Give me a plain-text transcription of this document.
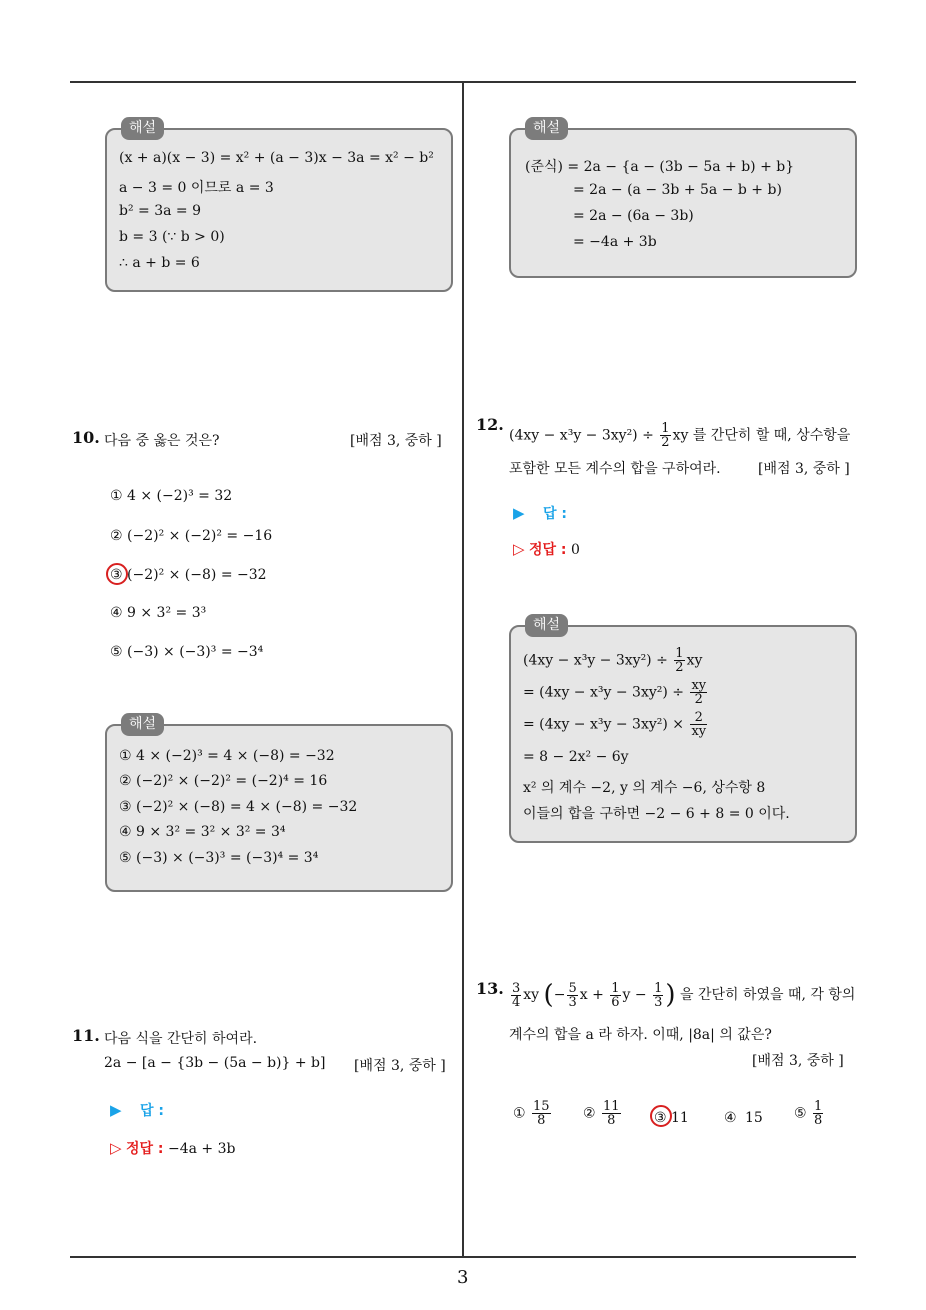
해설
(x + a)(x − 3) = x² + (a − 3)x − 3a = x² − b²
a − 3 = 0 이므로 a = 3
b² = 3a = 9
b = 3 (∵ b > 0)
∴ a + b = 6
10. 다음 중 옳은 것은?	[배점 3, 중하 ]
① 4 × (−2)³ = 32
② (−2)² × (−2)² = −16
③ (−2)² × (−8) = −32
④ 9 × 3² = 3³
⑤ (−3) × (−3)³ = −3⁴
해설
① 4 × (−2)³ = 4 × (−8) = −32
② (−2)² × (−2)² = (−2)⁴ = 16
③ (−2)² × (−8) = 4 × (−8) = −32
④ 9 × 3² = 3² × 3² = 3⁴
⑤ (−3) × (−3)³ = (−3)⁴ = 3⁴
11. 다음 식을 간단히 하여라.
2a − [a − {3b − (5a − b)} + b] [배점 3, 중하 ]
▶ 답 :
▷ 정답 : −4a + 3b
해설
(준식) = 2a − {a − (3b − 5a + b) + b}
= 2a − (a − 3b + 5a − b + b)
= 2a − (6a − 3b)
= −4a + 3b
12.
$(4xy - x^3y - 3xy^2) \div \frac{1}{2}$ xy 를 간단히 할 때, 상수항을
포함한 모든 계수의 합을 구하여라.	[배점 3, 중하 ]
▶ 답 :
▷ 정답 : 0
해설
$(4xy - x^3y - 3xy^2) \div \frac{1}{2}$ xy
= $(4xy - x^3y - 3xy^2) \div \frac{xy}{2}$
= $(4xy - x^3y - 3xy^2) \times \frac{2}{xy}$
= 8 − 2x² − 6y
x² 의 계수 −2, y 의 계수 −6, 상수항 8
이들의 합을 구하면 −2 − 6 + 8 = 0 이다.
13. $\frac{3}{4}$ xy (− $\frac{5}{3}$ $x + \frac{1}{6}$ $y - \frac{1}{3}$ ) 을 간단히 하였을 때, 각 항의
계수의 합을 a 라 하자. 이때, |8a| 의 값은?
[배점 3, 중하 ]
① $\frac{15}{8}$ ② $\frac{11}{8}$ ③ 11	④ 15 ⑤ $\frac{1}{8}$
3
